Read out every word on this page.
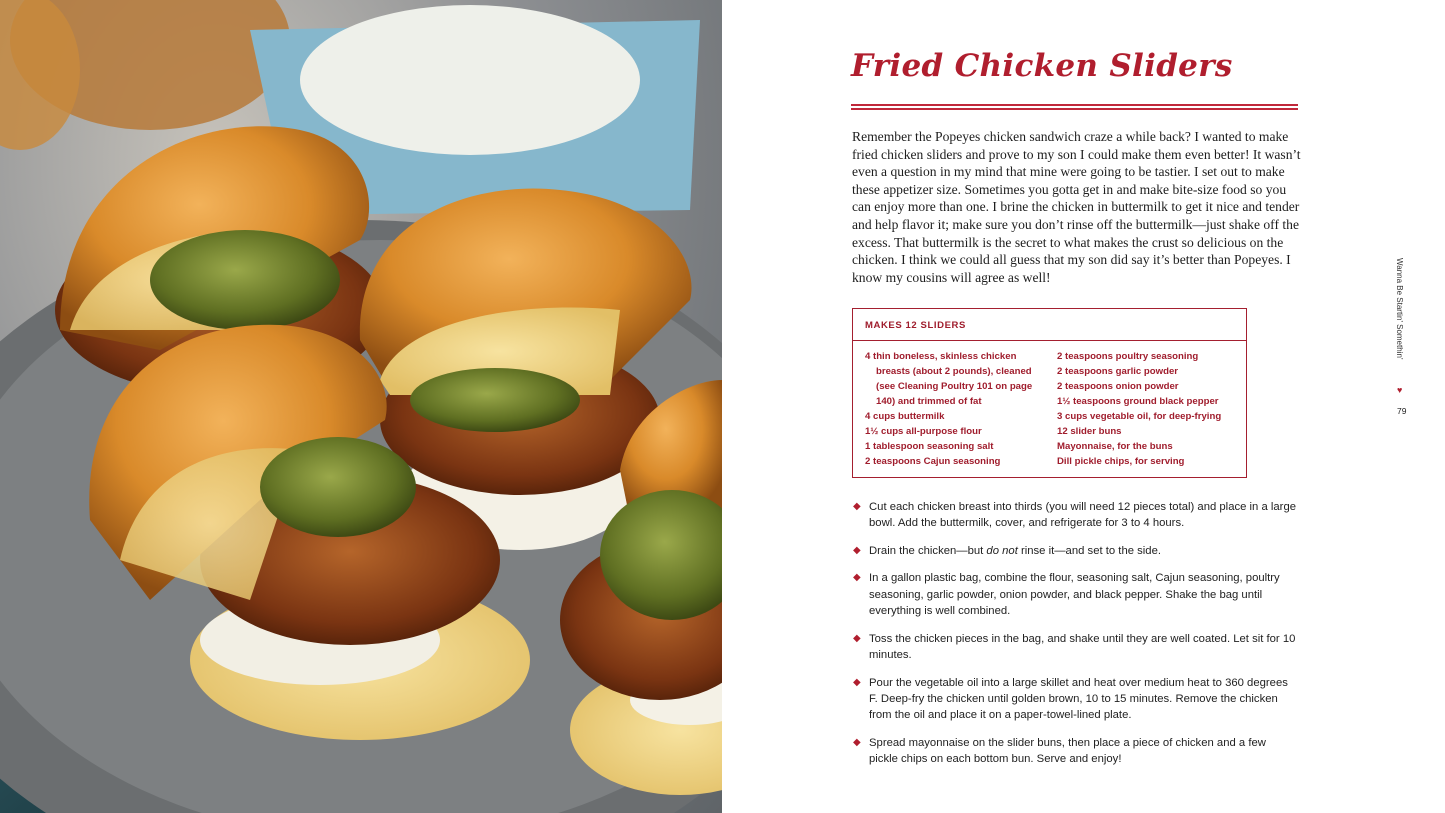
Fried Chicken Sliders

Remember the Popeyes chicken sandwich craze a while back? I wanted to make fried chicken sliders and prove to my son I could make them even better! It wasn’t even a question in my mind that mine were going to be tastier. I set out to make these appetizer size. Sometimes you gotta get in and make bite-size food so you can enjoy more than one. I brine the chicken in buttermilk to get it nice and tender and help flavor it; make sure you don’t rinse off the buttermilk—just shake off the excess. That buttermilk is the secret to what makes the crust so delicious on the chicken. I think we could all guess that my son did say it’s better than Popeyes. I know my cousins will agree as well!

MAKES 12 SLIDERS
4 thin boneless, skinless chicken breasts (about 2 pounds), cleaned (see Cleaning Poultry 101 on page 140) and trimmed of fat
4 cups buttermilk
1½ cups all-purpose flour
1 tablespoon seasoning salt
2 teaspoons Cajun seasoning
2 teaspoons poultry seasoning
2 teaspoons garlic powder
2 teaspoons onion powder
1½ teaspoons ground black pepper
3 cups vegetable oil, for deep-frying
12 slider buns
Mayonnaise, for the buns
Dill pickle chips, for serving
◆ Cut each chicken breast into thirds (you will need 12 pieces total) and place in a large bowl. Add the buttermilk, cover, and refrigerate for 3 to 4 hours.
◆ Drain the chicken—but do not rinse it—and set to the side.
◆ In a gallon plastic bag, combine the flour, seasoning salt, Cajun seasoning, poultry seasoning, garlic powder, onion powder, and black pepper. Shake the bag until everything is well combined.
◆ Toss the chicken pieces in the bag, and shake until they are well coated. Let sit for 10 minutes.
◆ Pour the vegetable oil into a large skillet and heat over medium heat to 360 degrees F. Deep-fry the chicken until golden brown, 10 to 15 minutes. Remove the chicken from the oil and place it on a paper-towel-lined plate.
◆ Spread mayonnaise on the slider buns, then place a piece of chicken and a few pickle chips on each bottom bun. Serve and enjoy!
Wanna Be Startin’ Somethin’
♥
79
